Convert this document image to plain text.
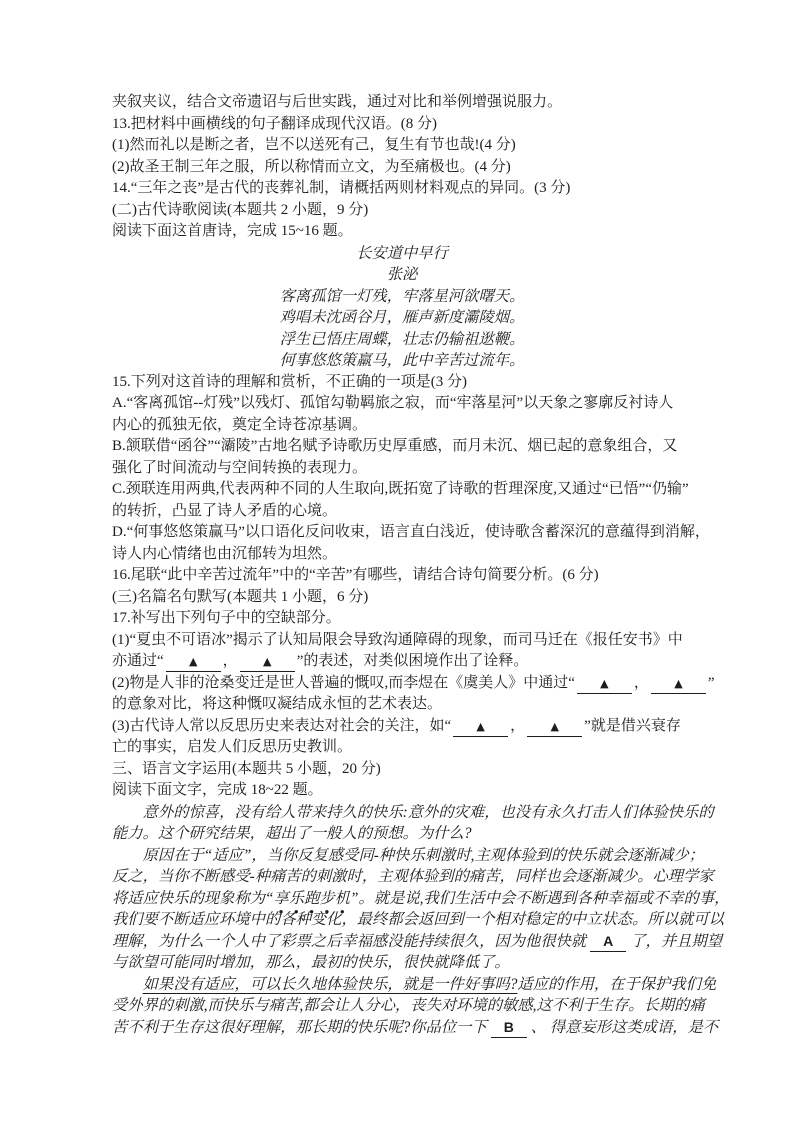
夹叙夹议，结合文帝遗诏与后世实践，通过对比和举例增强说服力。
13.把材料中画横线的句子翻译成现代汉语。(8 分)
(1)然而礼以是断之者，岂不以送死有己，复生有节也哉!(4 分)
(2)故圣王制三年之服，所以称情而立文，为至痛极也。(4 分)
14.“三年之丧”是古代的丧葬礼制，请概括两则材料观点的异同。(3 分)
(二)古代诗歌阅读(本题共 2 小题，9 分)
阅读下面这首唐诗，完成 15~16 题。
长安道中早行
张泌
客离孤馆一灯残，牢落星河欲曙天。
鸡唱未沈函谷月，雁声新度灞陵烟。
浮生已悟庄周蝶，壮志仍输祖逖鞭。
何事悠悠策羸马，此中辛苦过流年。
15.下列对这首诗的理解和赏析，不正确的一项是(3 分)
A.“客离孤馆--灯残”以残灯、孤馆勾勒羁旅之寂，而“牢落星河”以天象之寥廓反衬诗人
内心的孤独无依，奠定全诗苍凉基调。
B.颔联借“函谷”“灞陵”古地名赋予诗歌历史厚重感，而月未沉、烟已起的意象组合，又
强化了时间流动与空间转换的表现力。
C.颈联连用两典,代表两种不同的人生取向,既拓宽了诗歌的哲理深度,又通过“已悟”“仍输”
的转折，凸显了诗人矛盾的心境。
D.“何事悠悠策赢马”以口语化反问收束，语言直白浅近，使诗歌含蓄深沉的意蕴得到消解，
诗人内心情绪也由沉郁转为坦然。
16.尾联“此中辛苦过流年”中的“辛苦”有哪些，请结合诗句简要分析。(6 分)
(三)名篇名句默写(本题共 1 小题，6 分)
17.补写出下列句子中的空缺部分。
(1)“夏虫不可语冰”揭示了认知局限会导致沟通障碍的现象，而司马迁在《报任安书》中
亦通过“ ▲ ， ▲ ”的表述，对类似困境作出了诠释。
(2)物是人非的沧桑变迁是世人普遍的慨叹,而李煜在《虞美人》中通过“ ▲ ， ▲ ”
的意象对比，将这种慨叹凝结成永恒的艺术表达。
(3)古代诗人常以反思历史来表达对社会的关注，如“ ▲ ， ▲ ”就是借兴衰存
亡的事实，启发人们反思历史教训。
三、语言文字运用(本题共 5 小题，20 分)
阅读下面文字，完成 18~22 题。
　　意外的惊喜，没有给人带来持久的快乐:意外的灾难，也没有永久打击人们体验快乐的
能力。这个研究结果，超出了一般人的预想。为什么?
　　原因在于“适应”，当你反复感受同-种快乐刺激时,主观体验到的快乐就会逐渐减少；
反之，当你不断感受-种痛苦的刺激时，主观体验到的痛苦，同样也会逐渐减少。心理学家
将适应快乐的现象称为“享乐跑步机”。就是说,我们生活中会不断遇到各种幸福或不幸的事，
我们要不断适应环境中的各种变化，最终都会返回到一个相对稳定的中立状态。所以就可以
理解，为什么一个人中了彩票之后幸福感没能持续很久，因为他很快就 A 了，并且期望
与欲望可能同时增加，那么，最初的快乐，很快就降低了。
　　如果没有适应，可以长久地体验快乐，就是一件好事吗?适应的作用，在于保护我们免
受外界的刺激,而快乐与痛苦,都会让人分心，丧失对环境的敏感,这不利于生存。长期的痛
苦不利于生存这很好理解，那长期的快乐呢?你品位一下 B 、 得意妄形这类成语，是不
